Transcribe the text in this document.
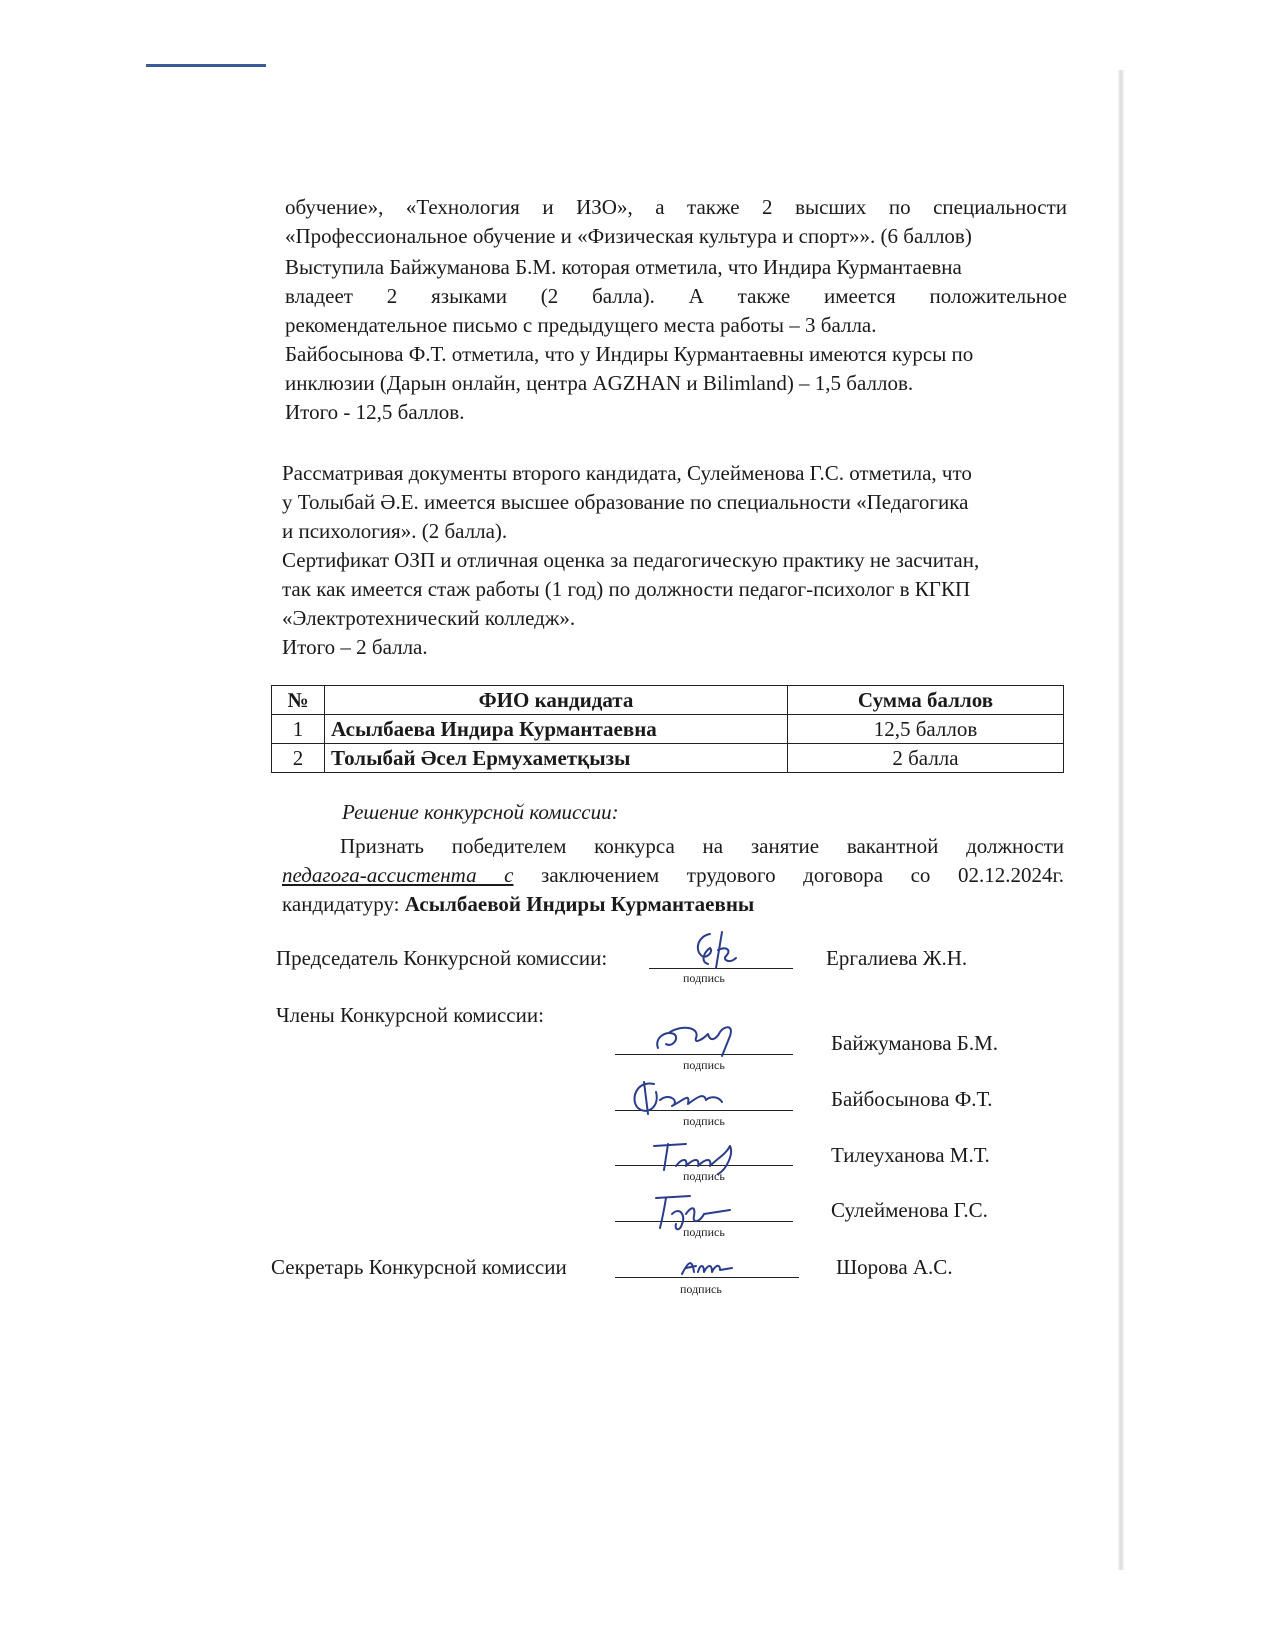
обучение», «Технология и ИЗО», а также 2 высших по специальности
«Профессиональное обучение и «Физическая культура и спорт»». (6 баллов)
Выступила Байжуманова Б.М. которая отметила, что Индира Курмантаевна
владеет 2 языками (2 балла). А также имеется положительное
рекомендательное письмо с предыдущего места работы – 3 балла.
Байбосынова Ф.Т. отметила, что у Индиры Курмантаевны имеются курсы по
инклюзии (Дарын онлайн, центра AGZHAN и Bilimland) – 1,5 баллов.
Итого - 12,5 баллов.
Рассматривая документы второго кандидата, Сулейменова Г.С. отметила, что
у Толыбай Ә.Е. имеется высшее образование по специальности «Педагогика
и психология». (2 балла).
Сертификат ОЗП и отличная оценка за педагогическую практику не засчитан,
так как имеется стаж работы (1 год) по должности педагог-психолог в КГКП
«Электротехнический колледж».
Итого – 2 балла.
№	ФИО кандидата	Сумма баллов
1	Асылбаева Индира Курмантаевна	12,5 баллов
2	Толыбай Әсел Ермухаметқызы	2 балла
Решение конкурсной комиссии:
Признать победителем конкурса на занятие вакантной должности
педагога-ассистента с заключением трудового договора со 02.12.2024г.
кандидатуру: Асылбаевой Индиры Курмантаевны
Председатель Конкурсной комиссии:
подпись
Ергалиева Ж.Н.
Члены Конкурсной комиссии:
подпись
Байжуманова Б.М.
подпись
Байбосынова Ф.Т.
подпись
Тилеуханова М.Т.
подпись
Сулейменова Г.С.
Секретарь Конкурсной комиссии
подпись
Шорова А.С.
